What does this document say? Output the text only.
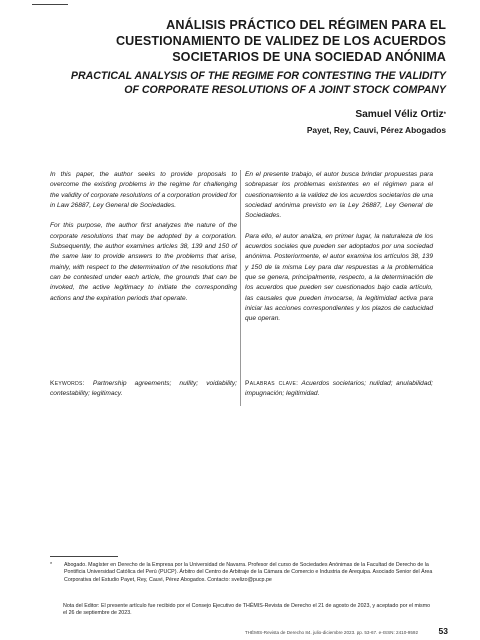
ANÁLISIS PRÁCTICO DEL RÉGIMEN PARA EL
CUESTIONAMIENTO DE VALIDEZ DE LOS ACUERDOS
SOCIETARIOS DE UNA SOCIEDAD ANÓNIMA
PRACTICAL ANALYSIS OF THE REGIME FOR CONTESTING THE VALIDITY
OF CORPORATE RESOLUTIONS OF A JOINT STOCK COMPANY
Samuel Véliz Ortiz*
Payet, Rey, Cauvi, Pérez Abogados

In this paper, the author seeks to provide proposals to overcome the existing problems in the regime for challenging the validity of corporate resolutions of a corporation provided for in Law 26887, Ley General de Sociedades.

For this purpose, the author first analyzes the nature of the corporate resolutions that may be adopted by a corporation. Subsequently, the author examines articles 38, 139 and 150 of the same law to provide answers to the problems that arise, mainly, with respect to the determination of the resolutions that can be contested under each article, the grounds that can be invoked, the active legitimacy to initiate the corresponding actions and the expiration periods that operate.

En el presente trabajo, el autor busca brindar propuestas para sobrepasar los problemas existentes en el régimen para el cuestionamiento a la validez de los acuerdos societarios de una sociedad anónima previsto en la Ley 26887, Ley General de Sociedades.

Para ello, el autor analiza, en primer lugar, la naturaleza de los acuerdos sociales que pueden ser adoptados por una sociedad anónima. Posteriormente, el autor examina los artículos 38, 139 y 150 de la misma Ley para dar respuestas a la problemática que se genera, principalmente, respecto, a la determinación de los acuerdos que pueden ser cuestionados bajo cada artículo, las causales que pueden invocarse, la legitimidad activa para iniciar las acciones correspondientes y los plazos de caducidad que operan.

Keywords: Partnership agreements; nullity; voidability; contestability; legitimacy.
Palabras clave: Acuerdos societarios; nulidad; anulabilidad; impugnación; legitimidad.
* Abogado. Magíster en Derecho de la Empresa por la Universidad de Navarra. Profesor del curso de Sociedades Anónimas de la Facultad de Derecho de la Pontificia Universidad Católica del Perú (PUCP). Árbitro del Centro de Arbitraje de la Cámara de Comercio e Industria de Arequipa. Asociado Senior del Área Corporativa del Estudio Payet, Rey, Cauvi, Pérez Abogados. Contacto: svelizo@pucp.pe
Nota del Editor: El presente artículo fue recibido por el Consejo Ejecutivo de THĒMIS-Revista de Derecho el 21 de agosto de 2023, y aceptado por el mismo el 26 de septiembre de 2023.
THĒMIS-Revista de Derecho 84. julio-diciembre 2023. pp. 53-67. e-ISSN: 2410-9592 53
